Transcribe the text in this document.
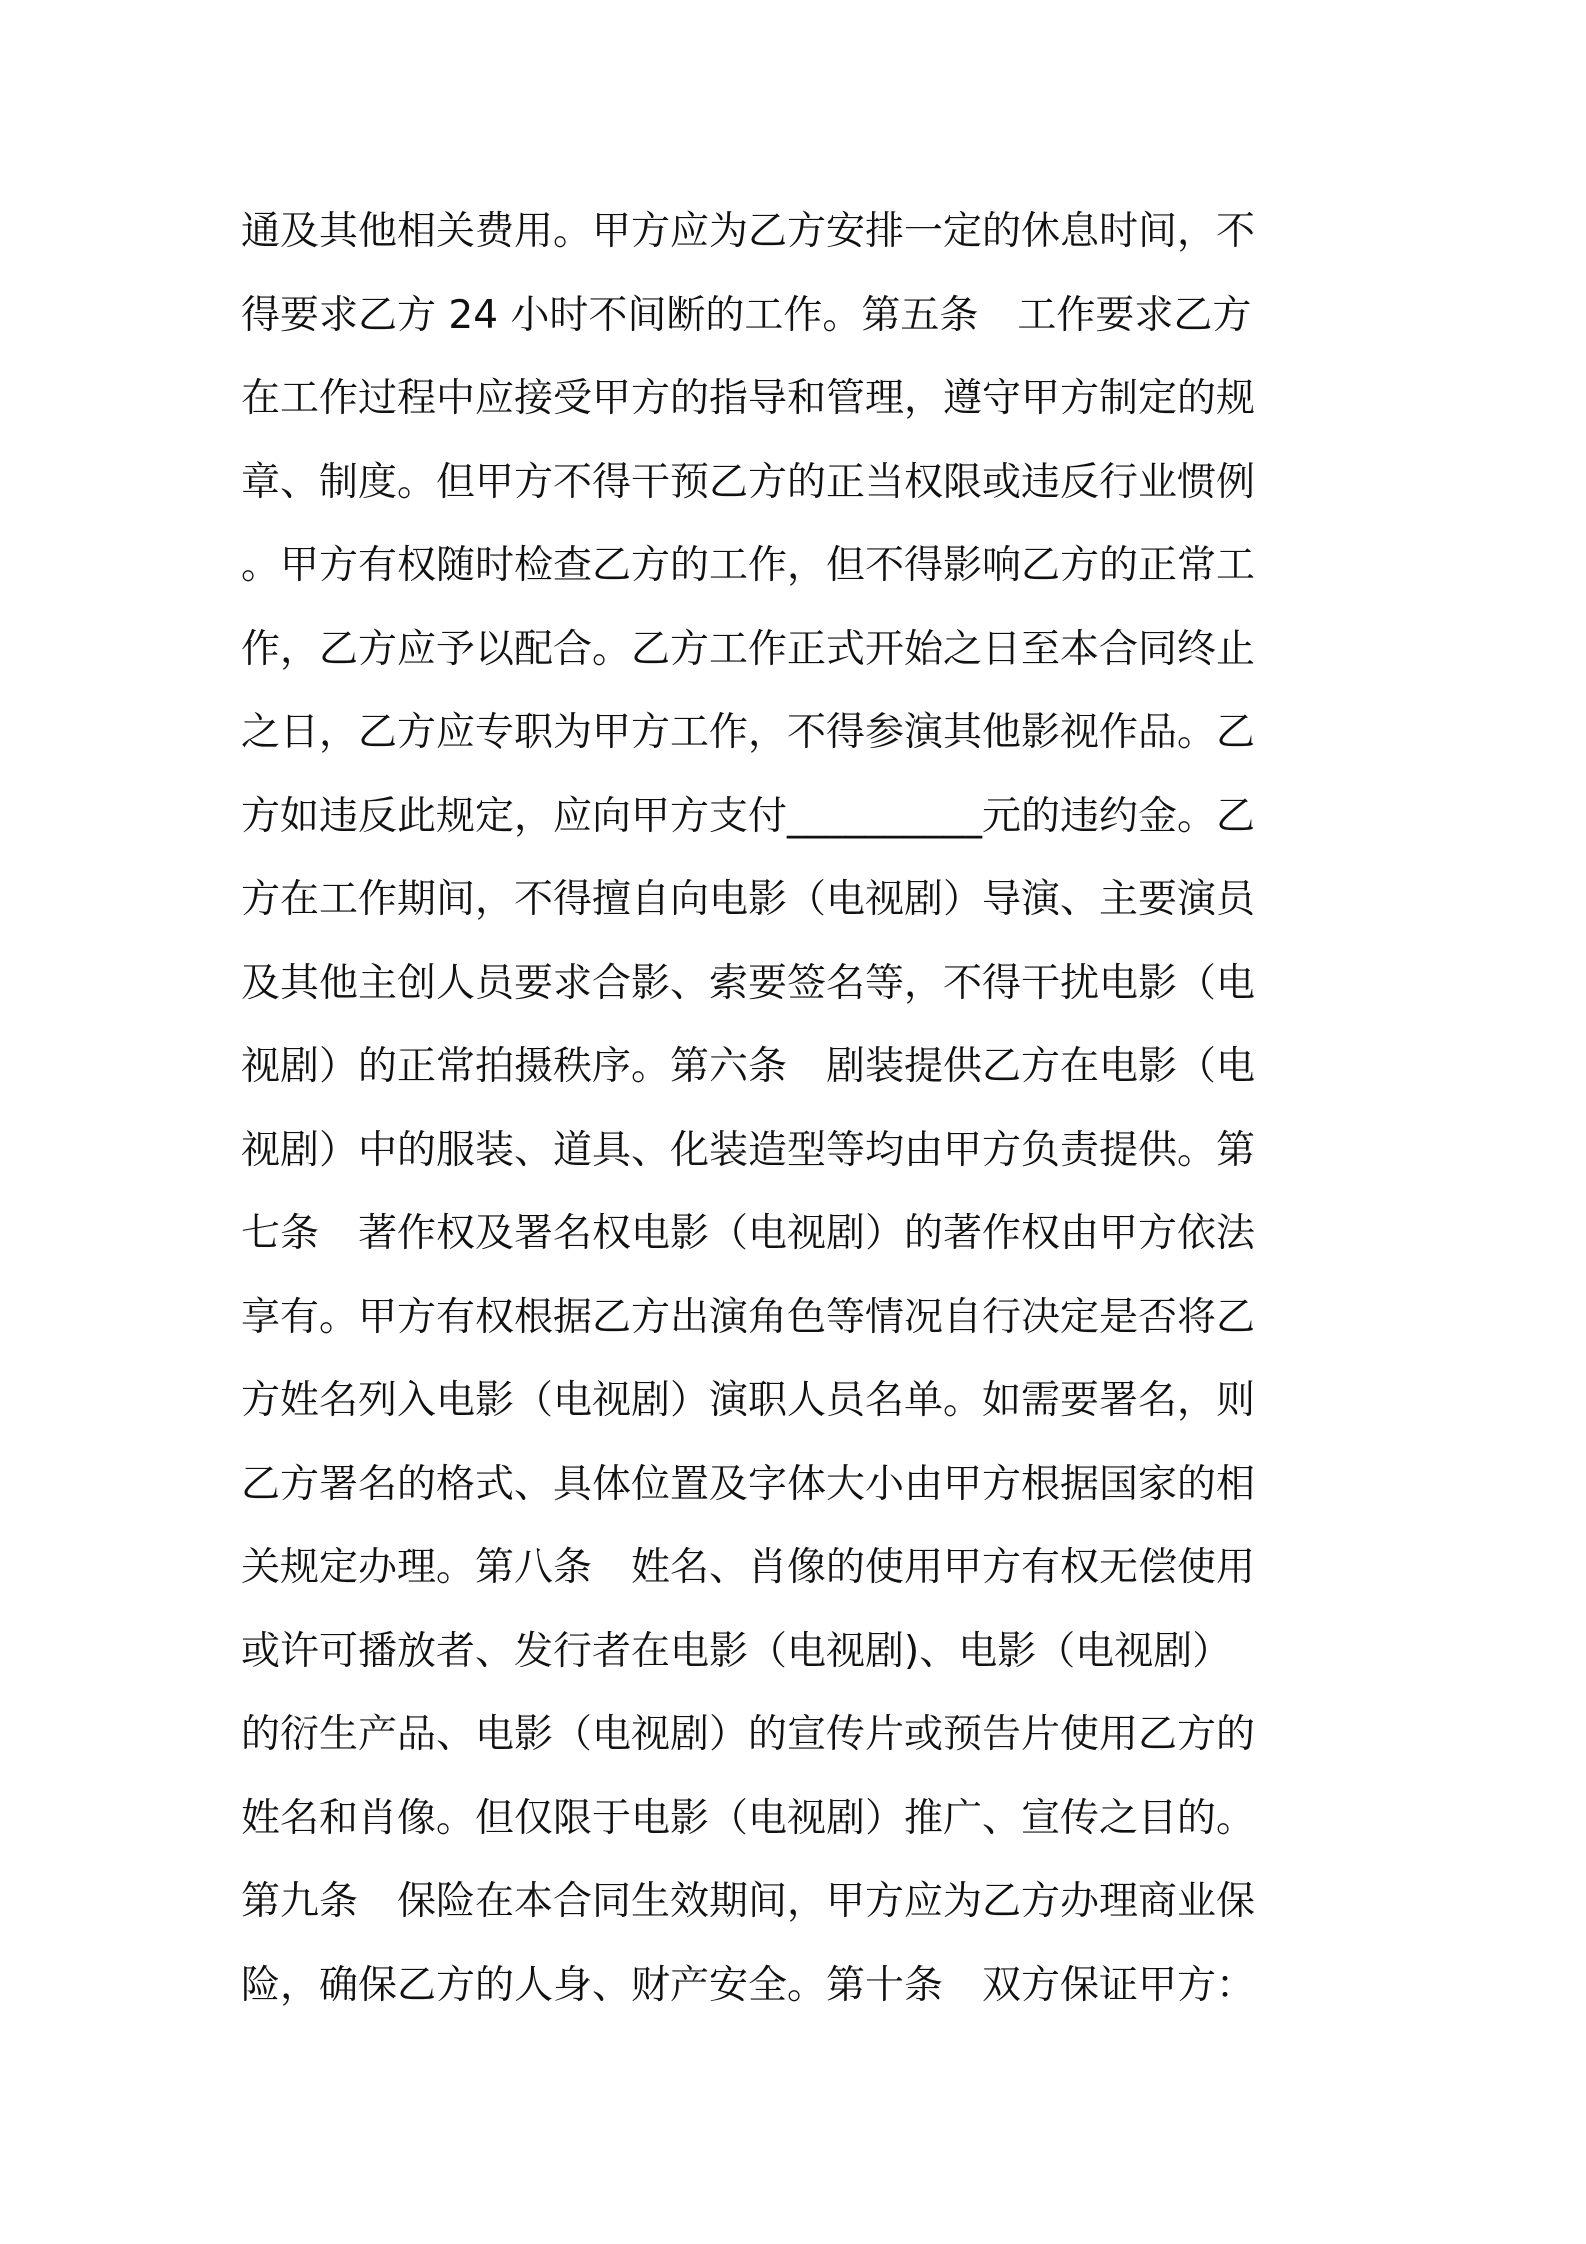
通及其他相关费用。甲方应为乙方安排一定的休息时间，不
得要求乙方 24 小时不间断的工作。第五条　工作要求乙方
在工作过程中应接受甲方的指导和管理，遵守甲方制定的规
章、制度。但甲方不得干预乙方的正当权限或违反行业惯例
。甲方有权随时检查乙方的工作，但不得影响乙方的正常工
作，乙方应予以配合。乙方工作正式开始之日至本合同终止
之日，乙方应专职为甲方工作，不得参演其他影视作品。乙
方如违反此规定，应向甲方支付__________元的违约金。乙
方在工作期间，不得擅自向电影（电视剧）导演、主要演员
及其他主创人员要求合影、索要签名等，不得干扰电影（电
视剧）的正常拍摄秩序。第六条　剧装提供乙方在电影（电
视剧）中的服装、道具、化装造型等均由甲方负责提供。第
七条　著作权及署名权电影（电视剧）的著作权由甲方依法
享有。甲方有权根据乙方出演角色等情况自行决定是否将乙
方姓名列入电影（电视剧）演职人员名单。如需要署名，则
乙方署名的格式、具体位置及字体大小由甲方根据国家的相
关规定办理。第八条　姓名、肖像的使用甲方有权无偿使用
或许可播放者、发行者在电影（电视剧)、电影（电视剧）
的衍生产品、电影（电视剧）的宣传片或预告片使用乙方的
姓名和肖像。但仅限于电影（电视剧）推广、宣传之目的。
第九条　保险在本合同生效期间，甲方应为乙方办理商业保
险，确保乙方的人身、财产安全。第十条　双方保证甲方：
